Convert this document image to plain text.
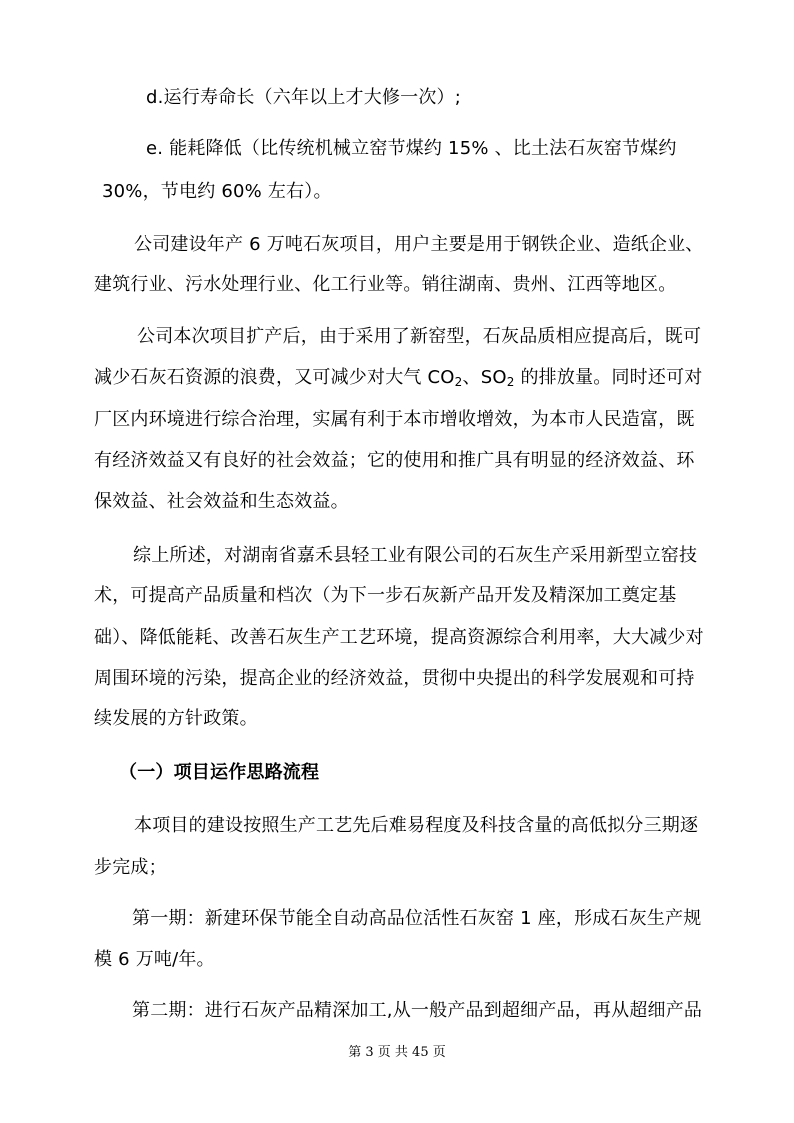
d.运行寿命长（六年以上才大修一次）;
e. 能耗降低（比传统机械立窑节煤约 15% 、比土法石灰窑节煤约
30%，节电约 60% 左右）。
公司建设年产 6 万吨石灰项目，用户主要是用于钢铁企业、造纸企业、
建筑行业、污水处理行业、化工行业等。销往湖南、贵州、江西等地区。
公司本次项目扩产后，由于采用了新窑型，石灰品质相应提高后，既可
减少石灰石资源的浪费，又可减少对大气 $CO_2$、$SO_2$ 的排放量。同时还可对
厂区内环境进行综合治理，实属有利于本市增收增效，为本市人民造富，既
有经济效益又有良好的社会效益；它的使用和推广具有明显的经济效益、环
保效益、社会效益和生态效益。
综上所述，对湖南省嘉禾县轻工业有限公司的石灰生产采用新型立窑技
术，可提高产品质量和档次（为下一步石灰新产品开发及精深加工奠定基
础）、降低能耗、改善石灰生产工艺环境，提高资源综合利用率，大大减少对
周围环境的污染，提高企业的经济效益，贯彻中央提出的科学发展观和可持
续发展的方针政策。
（一）项目运作思路流程
本项目的建设按照生产工艺先后难易程度及科技含量的高低拟分三期逐
步完成；
第一期：新建环保节能全自动高品位活性石灰窑 1 座，形成石灰生产规
模 6 万吨/年。
第二期：进行石灰产品精深加工,从一般产品到超细产品，再从超细产品
第 3 页 共 45 页
